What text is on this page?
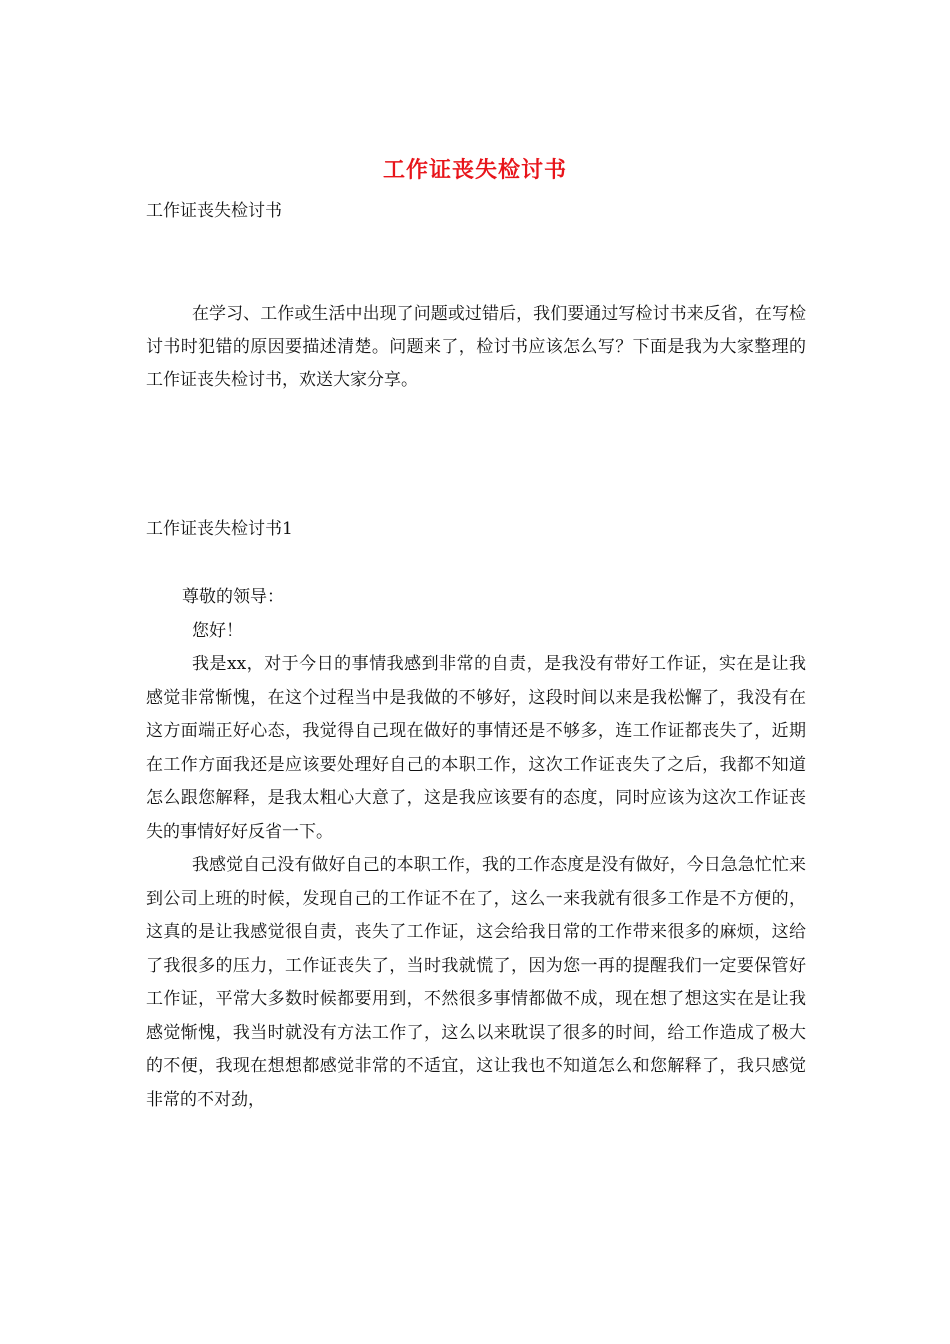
工作证丧失检讨书
工作证丧失检讨书

在学习、工作或生活中出现了问题或过错后，我们要通过写检讨书来反省，在写检讨书时犯错的原因要描述清楚。问题来了，检讨书应该怎么写？下面是我为大家整理的工作证丧失检讨书，欢送大家分享。

工作证丧失检讨书1
尊敬的领导：
您好！

我是xx，对于今日的事情我感到非常的自责，是我没有带好工作证，实在是让我感觉非常惭愧，在这个过程当中是我做的不够好，这段时间以来是我松懈了，我没有在这方面端正好心态，我觉得自己现在做好的事情还是不够多，连工作证都丧失了，近期在工作方面我还是应该要处理好自己的本职工作，这次工作证丧失了之后，我都不知道怎么跟您解释，是我太粗心大意了，这是我应该要有的态度，同时应该为这次工作证丧失的事情好好反省一下。

我感觉自己没有做好自己的本职工作，我的工作态度是没有做好，今日急急忙忙来到公司上班的时候，发现自己的工作证不在了，这么一来我就有很多工作是不方便的，这真的是让我感觉很自责，丧失了工作证，这会给我日常的工作带来很多的麻烦，这给了我很多的压力，工作证丧失了，当时我就慌了，因为您一再的提醒我们一定要保管好工作证，平常大多数时候都要用到，不然很多事情都做不成，现在想了想这实在是让我感觉惭愧，我当时就没有方法工作了，这么以来耽误了很多的时间，给工作造成了极大的不便，我现在想想都感觉非常的不适宜，这让我也不知道怎么和您解释了，我只感觉非常的不对劲，
